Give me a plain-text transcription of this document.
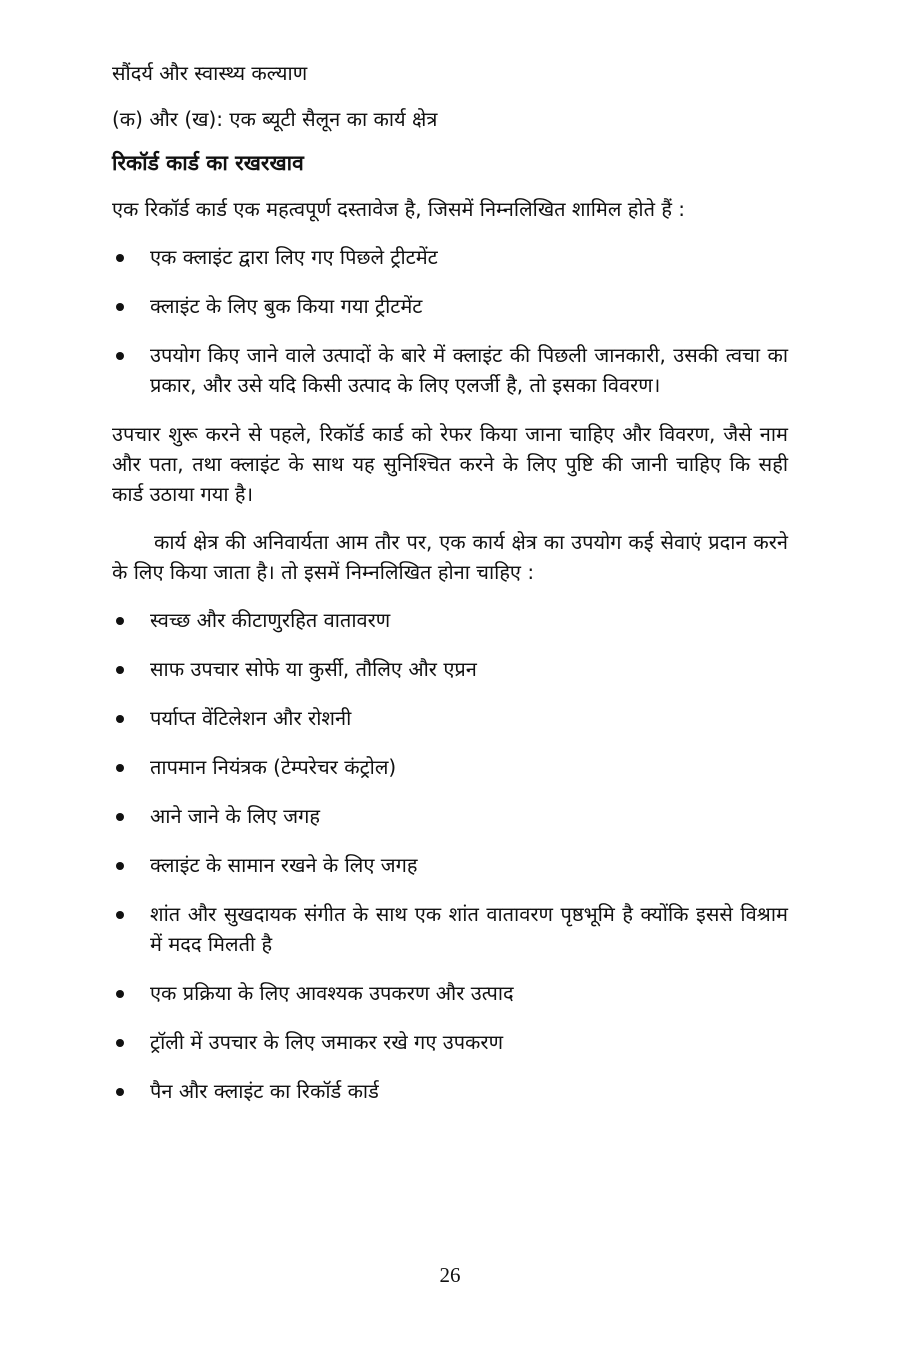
सौंदर्य और स्वास्थ्य कल्याण
(क) और (ख): एक ब्यूटी सैलून का कार्य क्षेत्र
रिकॉर्ड कार्ड का रखरखाव

एक रिकॉर्ड कार्ड एक महत्वपूर्ण दस्तावेज है, जिसमें निम्नलिखित शामिल होते हैं :

एक क्लाइंट द्वारा लिए गए पिछले ट्रीटमेंट
क्लाइंट के लिए बुक किया गया ट्रीटमेंट
उपयोग किए जाने वाले उत्पादों के बारे में क्लाइंट की पिछली जानकारी, उसकी त्वचा का प्रकार, और उसे यदि किसी उत्पाद के लिए एलर्जी है, तो इसका विवरण।

उपचार शुरू करने से पहले, रिकॉर्ड कार्ड को रेफर किया जाना चाहिए और विवरण, जैसे नाम और पता, तथा क्लाइंट के साथ यह सुनिश्चित करने के लिए पुष्टि की जानी चाहिए कि सही कार्ड उठाया गया है।

कार्य क्षेत्र की अनिवार्यता आम तौर पर, एक कार्य क्षेत्र का उपयोग कई सेवाएं प्रदान करने के लिए किया जाता है। तो इसमें निम्नलिखित होना चाहिए :

स्वच्छ और कीटाणुरहित वातावरण
साफ उपचार सोफे या कुर्सी, तौलिए और एप्रन
पर्याप्त वेंटिलेशन और रोशनी
तापमान नियंत्रक (टेम्परेचर कंट्रोल)
आने जाने के लिए जगह
क्लाइंट के सामान रखने के लिए जगह
शांत और सुखदायक संगीत के साथ एक शांत वातावरण पृष्ठभूमि है क्योंकि इससे विश्राम में मदद मिलती है
एक प्रक्रिया के लिए आवश्यक उपकरण और उत्पाद
ट्रॉली में उपचार के लिए जमाकर रखे गए उपकरण
पैन और क्लाइंट का रिकॉर्ड कार्ड
26
